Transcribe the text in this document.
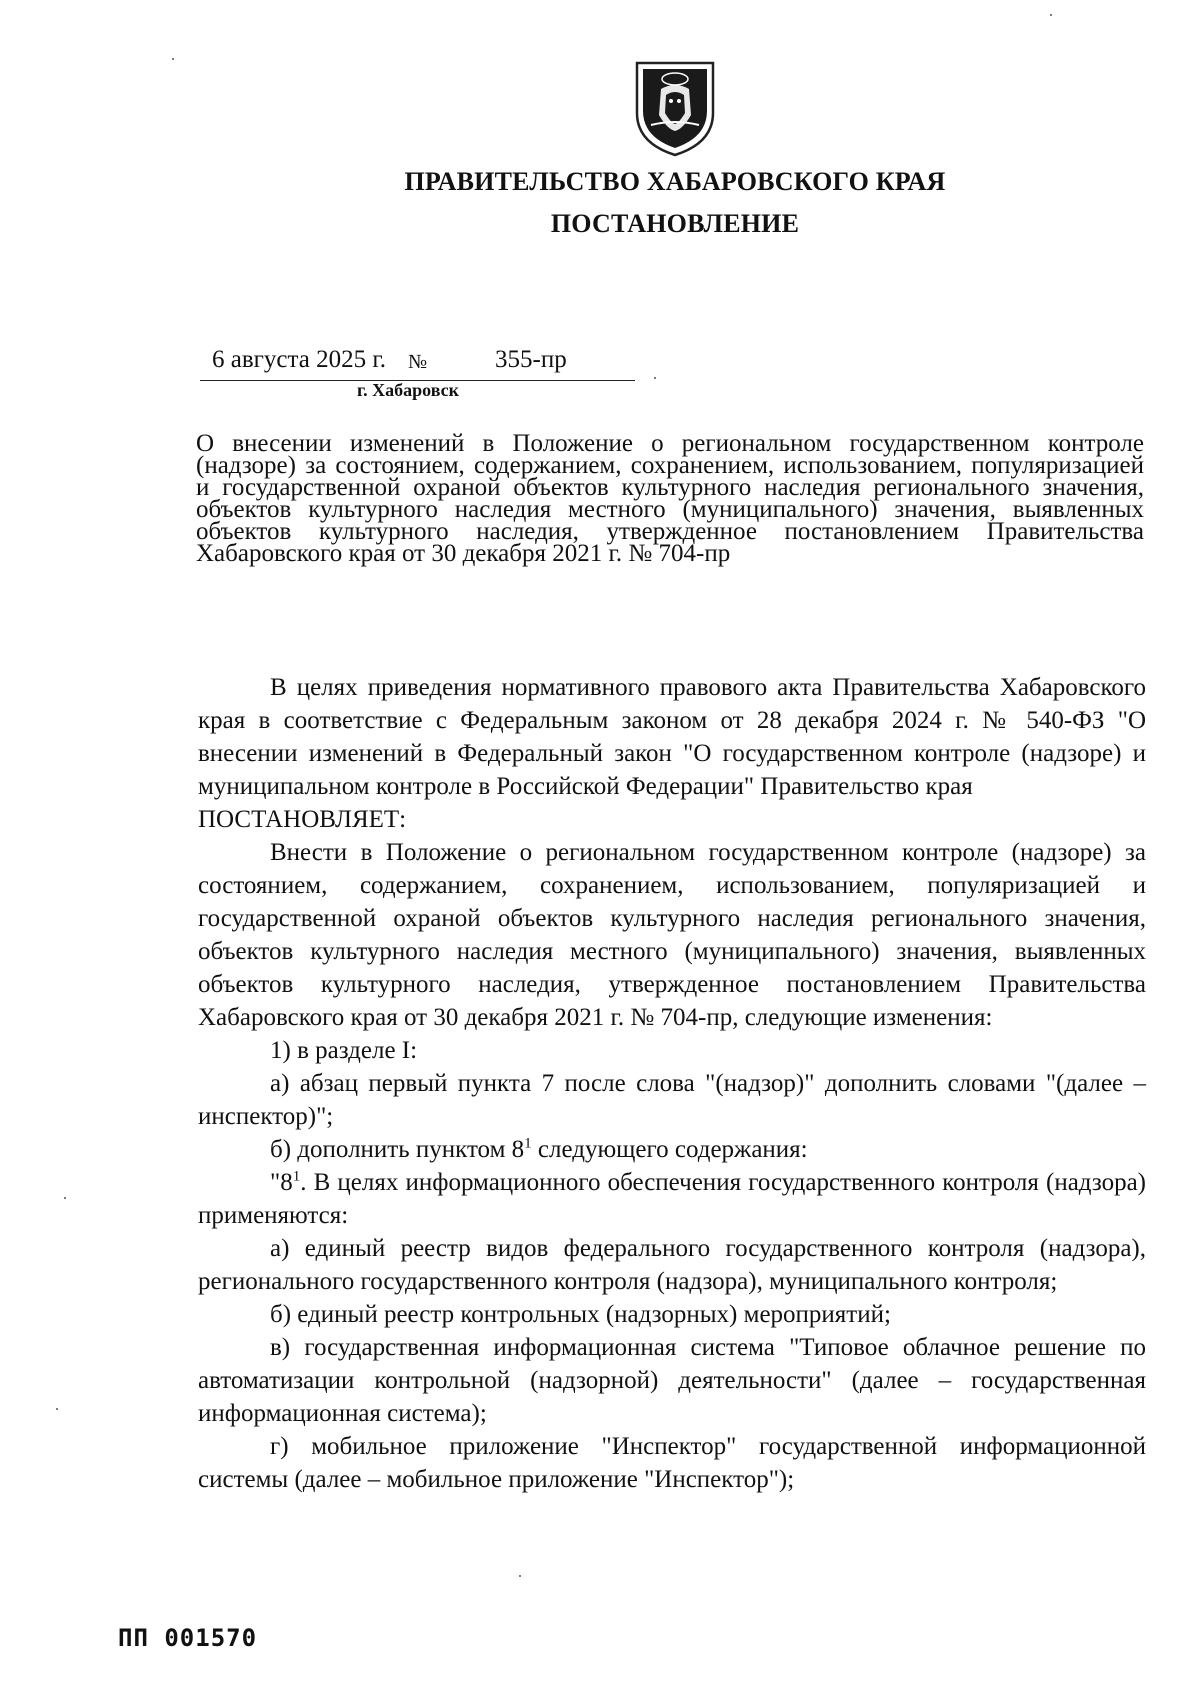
ПРАВИТЕЛЬСТВО ХАБАРОВСКОГО КРАЯ
ПОСТАНОВЛЕНИЕ
6 августа 2025 г. №	355-пр
г. Хабаровск
О внесении изменений в Положение о региональном государственном контроле (надзоре) за состоянием, содержанием, сохранением, использованием, популяризацией и государственной охраной объектов культурного наследия регионального значения, объектов культурного наследия местного (муниципального) значения, выявленных объектов культурного наследия, утвержденное постановлением Правительства Хабаровского края от 30 декабря 2021 г. № 704-пр

В целях приведения нормативного правового акта Правительства Хабаровского края в соответствие с Федеральным законом от 28 декабря 2024 г. № 540-ФЗ "О внесении изменений в Федеральный закон "О государственном контроле (надзоре) и муниципальном контроле в Российской Федерации" Правительство края

ПОСТАНОВЛЯЕТ:

Внести в Положение о региональном государственном контроле (надзоре) за состоянием, содержанием, сохранением, использованием, популяризацией и государственной охраной объектов культурного наследия регионального значения, объектов культурного наследия местного (муниципального) значения, выявленных объектов культурного наследия, утвержденное постановлением Правительства Хабаровского края от 30 декабря 2021 г. № 704-пр, следующие изменения:

1) в разделе I:

а) абзац первый пункта 7 после слова "(надзор)" дополнить словами "(далее – инспектор)";

б) дополнить пунктом $8^1$ следующего содержания:

"$8^1$. В целях информационного обеспечения государственного контроля (надзора) применяются:

а) единый реестр видов федерального государственного контроля (надзора), регионального государственного контроля (надзора), муниципального контроля;

б) единый реестр контрольных (надзорных) мероприятий;

в) государственная информационная система "Типовое облачное решение по автоматизации контрольной (надзорной) деятельности" (далее – государственная информационная система);

г) мобильное приложение "Инспектор" государственной информационной системы (далее – мобильное приложение "Инспектор");

ПП 001570
